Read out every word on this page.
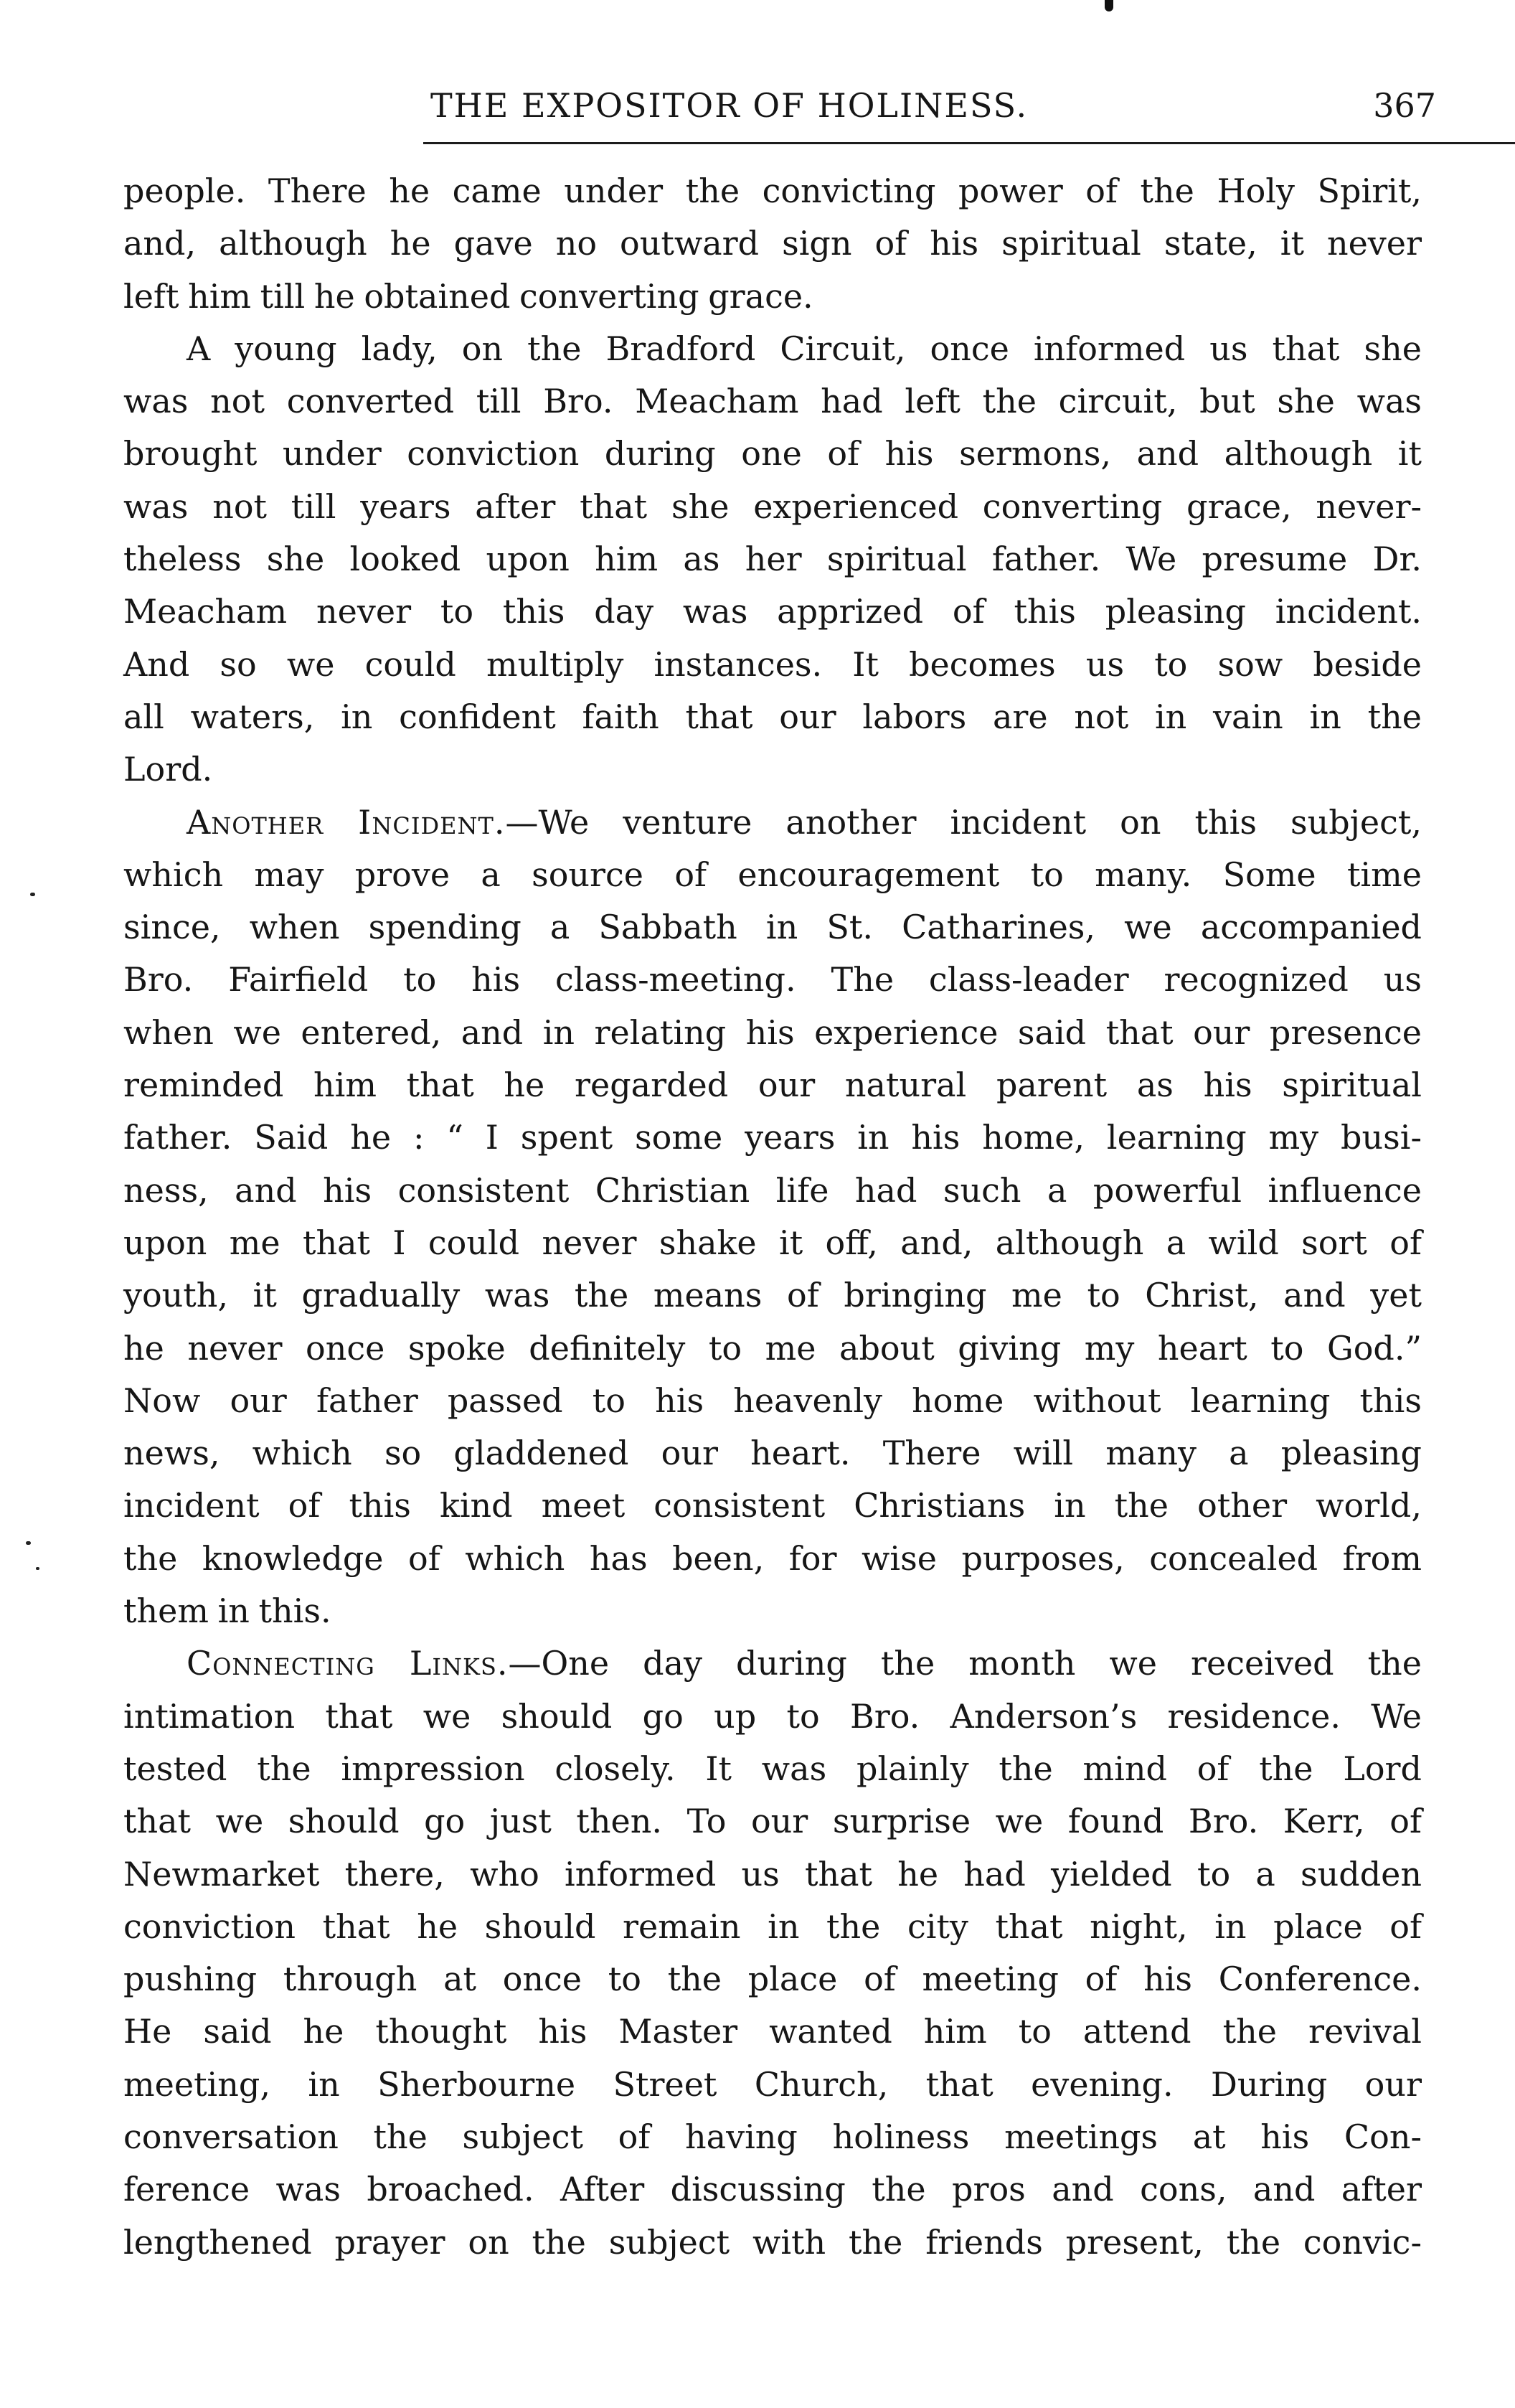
THE EXPOSITOR OF HOLINESS.	367
people. There he came under the convicting power of the Holy Spirit,
and, although he gave no outward sign of his spiritual state, it never
left him till he obtained converting grace.
A young lady, on the Bradford Circuit, once informed us that she
was not converted till Bro. Meacham had left the circuit, but she was
brought under conviction during one of his sermons, and although it
was not till years after that she experienced converting grace, never-
theless she looked upon him as her spiritual father. We presume Dr.
Meacham never to this day was apprized of this pleasing incident.
And so we could multiply instances. It becomes us to sow beside
all waters, in confident faith that our labors are not in vain in the
Lord.
Another Incident.—We venture another incident on this subject,
which may prove a source of encouragement to many. Some time
since, when spending a Sabbath in St. Catharines, we accompanied
Bro. Fairfield to his class-meeting. The class-leader recognized us
when we entered, and in relating his experience said that our presence
reminded him that he regarded our natural parent as his spiritual
father. Said he : “ I spent some years in his home, learning my busi-
ness, and his consistent Christian life had such a powerful influence
upon me that I could never shake it off, and, although a wild sort of
youth, it gradually was the means of bringing me to Christ, and yet
he never once spoke definitely to me about giving my heart to God.”
Now our father passed to his heavenly home without learning this
news, which so gladdened our heart. There will many a pleasing
incident of this kind meet consistent Christians in the other world,
the knowledge of which has been, for wise purposes, concealed from
them in this.
Connecting Links.—One day during the month we received the
intimation that we should go up to Bro. Anderson’s residence. We
tested the impression closely. It was plainly the mind of the Lord
that we should go just then. To our surprise we found Bro. Kerr, of
Newmarket there, who informed us that he had yielded to a sudden
conviction that he should remain in the city that night, in place of
pushing through at once to the place of meeting of his Conference.
He said he thought his Master wanted him to attend the revival
meeting, in Sherbourne Street Church, that evening. During our
conversation the subject of having holiness meetings at his Con-
ference was broached. After discussing the pros and cons, and after
lengthened prayer on the subject with the friends present, the convic-
